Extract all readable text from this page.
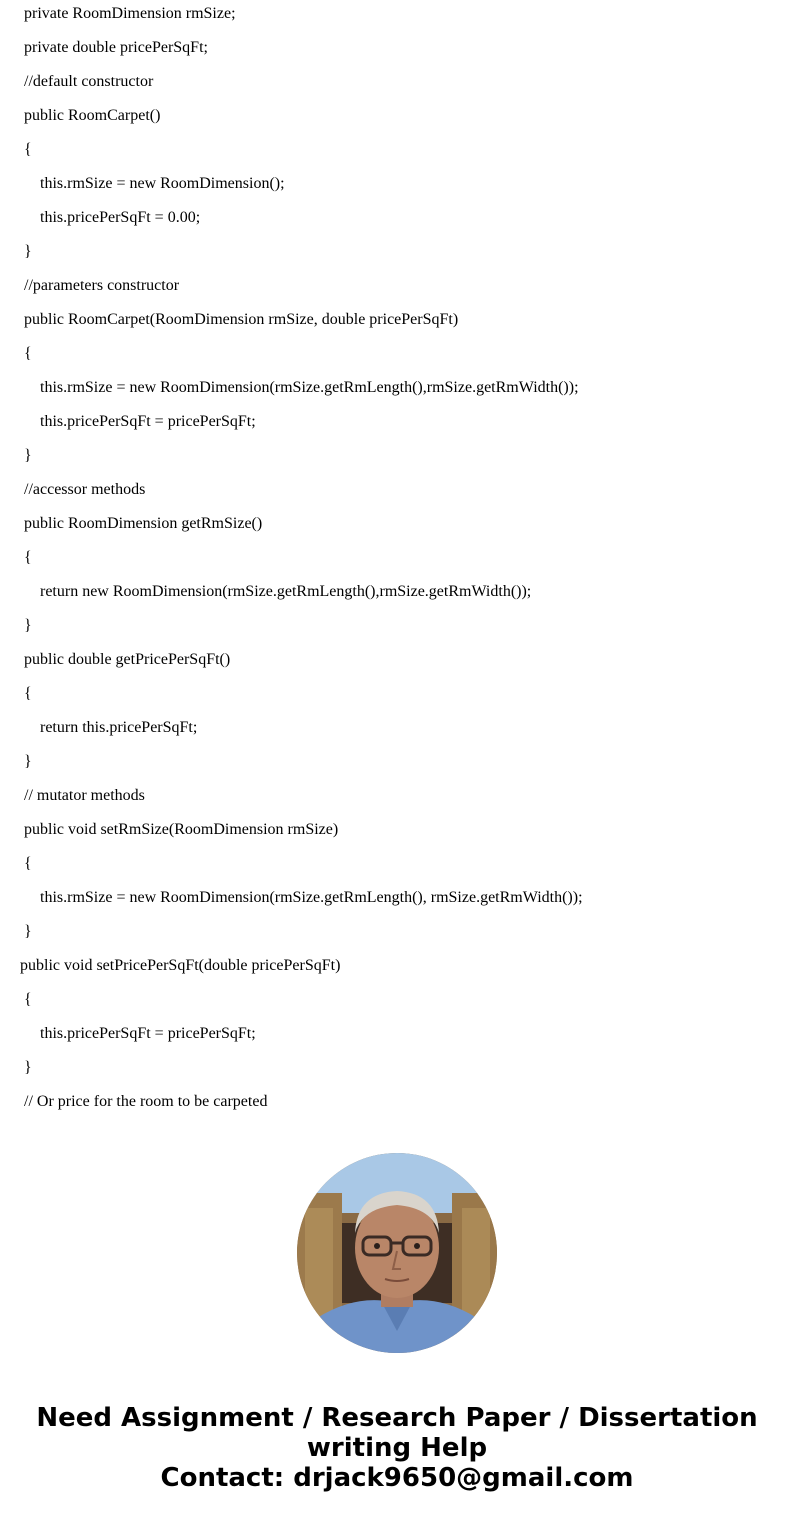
private RoomDimension rmSize;
private double pricePerSqFt;
//default constructor
public RoomCarpet()
{
this.rmSize = new RoomDimension();
this.pricePerSqFt = 0.00;
}
//parameters constructor
public RoomCarpet(RoomDimension rmSize, double pricePerSqFt)
{
this.rmSize = new RoomDimension(rmSize.getRmLength(),rmSize.getRmWidth());
this.pricePerSqFt = pricePerSqFt;
}
//accessor methods
public RoomDimension getRmSize()
{
return new RoomDimension(rmSize.getRmLength(),rmSize.getRmWidth());
}
public double getPricePerSqFt()
{
return this.pricePerSqFt;
}
// mutator methods
public void setRmSize(RoomDimension rmSize)
{
this.rmSize = new RoomDimension(rmSize.getRmLength(), rmSize.getRmWidth());
}
public void setPricePerSqFt(double pricePerSqFt)
{
this.pricePerSqFt = pricePerSqFt;
}
// Or price for the room to be carpeted
Need Assignment / Research Paper / Dissertation
writing Help
Contact: drjack9650@gmail.com
